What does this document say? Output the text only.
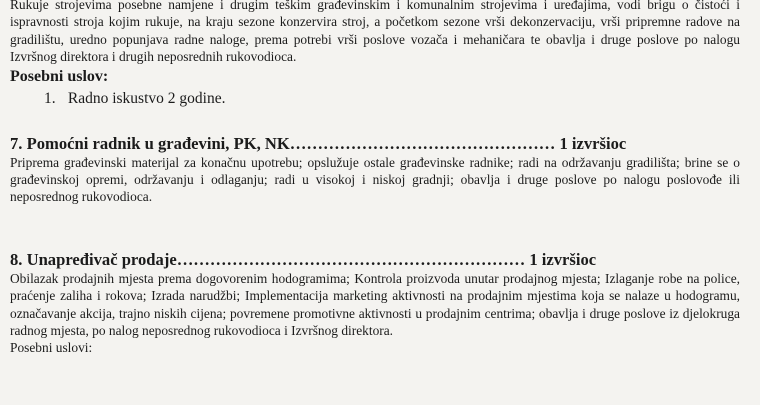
Rukuje strojevima posebne namjene i drugim teškim građevinskim i komunalnim strojevima i uređajima, vodi brigu o čistoći i ispravnosti stroja kojim rukuje, na kraju sezone konzervira stroj, a početkom sezone vrši dekonzervaciju, vrši pripremne radove na gradilištu, uredno popunjava radne naloge, prema potrebi vrši poslove vozača i mehaničara te obavlja i druge poslove po nalogu Izvršnog direktora i drugih neposrednih rukovodioca.

Posebni uslov:
1. Radno iskustvo 2 godine.
7. Pomoćni radnik u građevini, PK, NK………………………………………… 1 izvršioc

Priprema građevinski materijal za konačnu upotrebu; opslužuje ostale građevinske radnike; radi na održavanju gradilišta; brine se o građevinskoj opremi, održavanju i odlaganju; radi u visokoj i niskoj gradnji; obavlja i druge poslove po nalogu poslovođe ili neposrednog rukovodioca.

8. Unapređivač prodaje……………………………………………………… 1 izvršioc

Obilazak prodajnih mjesta prema dogovorenim hodogramima; Kontrola proizvoda unutar prodajnog mjesta; Izlaganje robe na police, praćenje zaliha i rokova; Izrada narudžbi; Implementacija marketing aktivnosti na prodajnim mjestima koja se nalaze u hodogramu, označavanje akcija, trajno niskih cijena; povremene promotivne aktivnosti u prodajnim centrima; obavlja i druge poslove iz djelokruga radnog mjesta, po nalog neposrednog rukovodioca i Izvršnog direktora.

Posebni uslovi:
